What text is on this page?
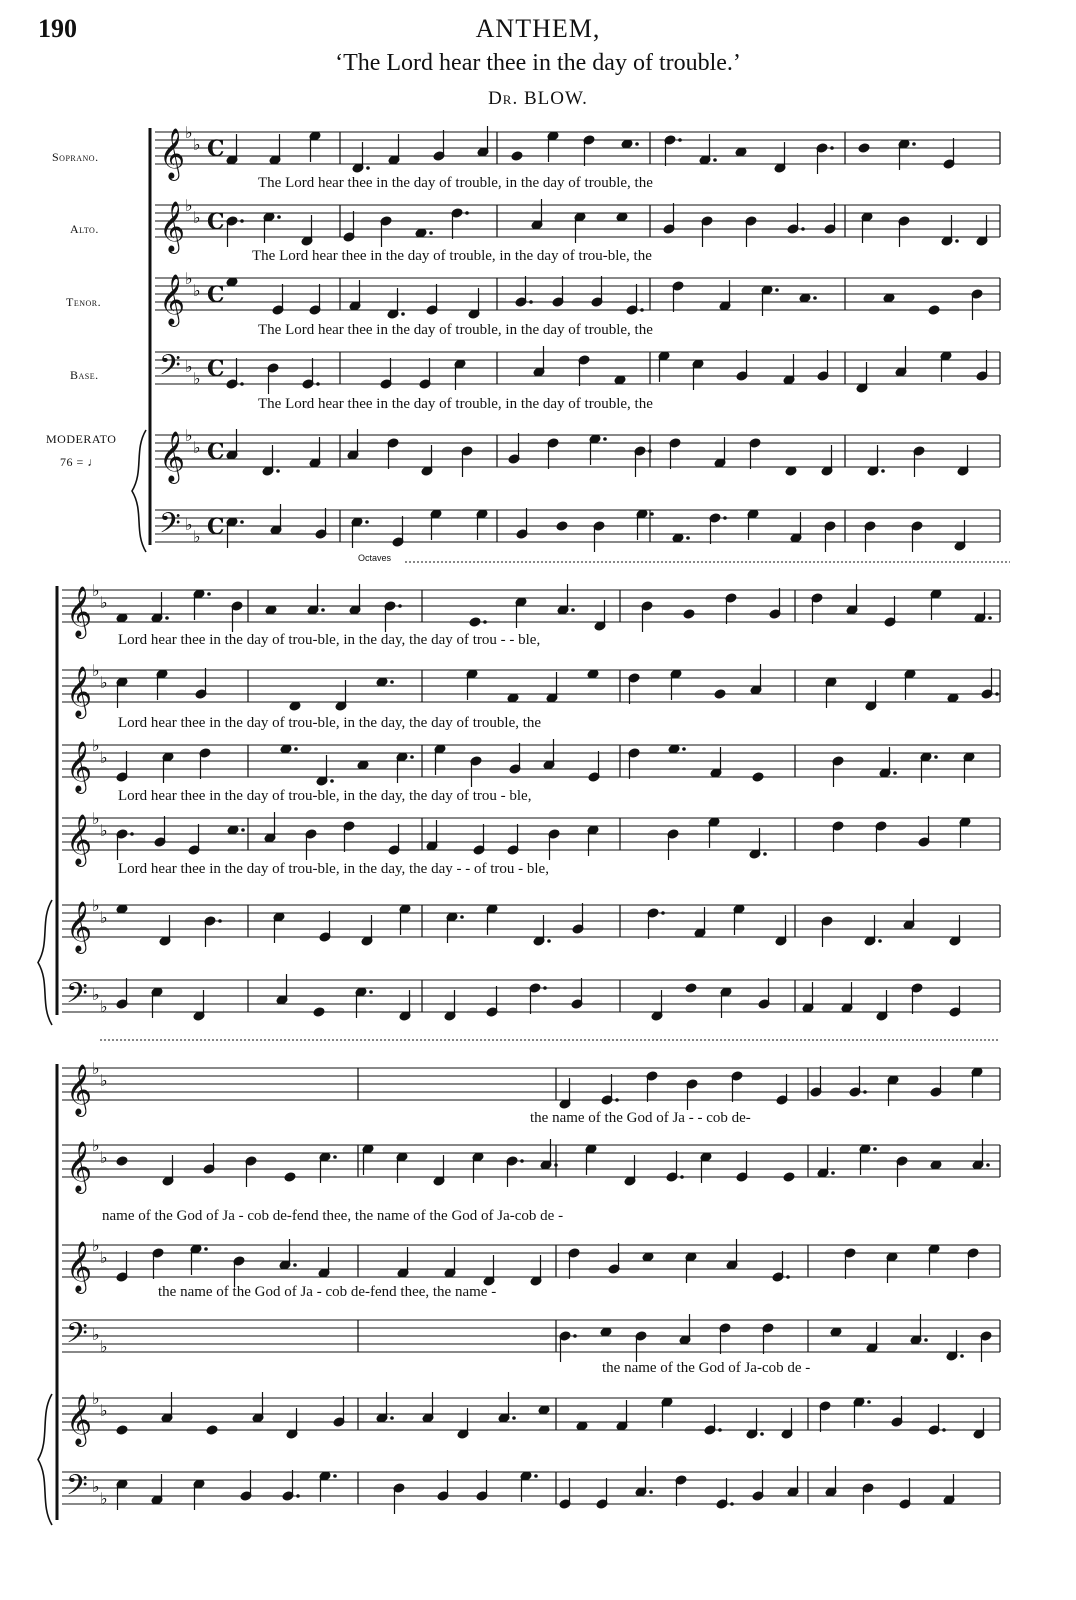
190	ANTHEM,
‘The Lord hear thee in the day of trouble.’
Dr. BLOW.
Soprano.
Alto.
Tenor.
Base.
MODERATO
76 = ♩
𝄞 ♭
♭ C
𝄞 ♭
♭ C
𝄞 ♭
♭ C
𝄢 ♭
♭ C
𝄞 ♭
♭ C
𝄢 ♭
♭ C
𝄞 ♭
♭
𝄞 ♭
♭
𝄞 ♭
♭
𝄞 ♭
♭
𝄞 ♭
♭
𝄢 ♭
♭
𝄞 ♭
♭
𝄞 ♭
♭
𝄞 ♭
♭
𝄢 ♭
♭
𝄞 ♭
♭
𝄢 ♭
♭
The Lord hear thee in the day of trouble, in the day of trouble, the
The Lord hear thee in the day of trouble, in the day of trou-ble, the
The Lord hear thee in the day of trouble, in the day of trouble, the
The Lord hear thee in the day of trouble, in the day of trouble, the
Octaves
Lord hear thee in the day of trou-ble, in the day, the day of trou - - ble,
Lord hear thee in the day of trou-ble, in the day, the day of trouble, the
Lord hear thee in the day of trou-ble, in the day, the day of trou - ble,
Lord hear thee in the day of trou-ble, in the day, the day - - of trou - ble,
the name of the God of Ja - - cob de-
name of the God of Ja - cob de-fend thee, the name of the God of Ja-cob de -
the name of the God of Ja - cob de-fend thee, the name -
the name of the God of Ja-cob de -
